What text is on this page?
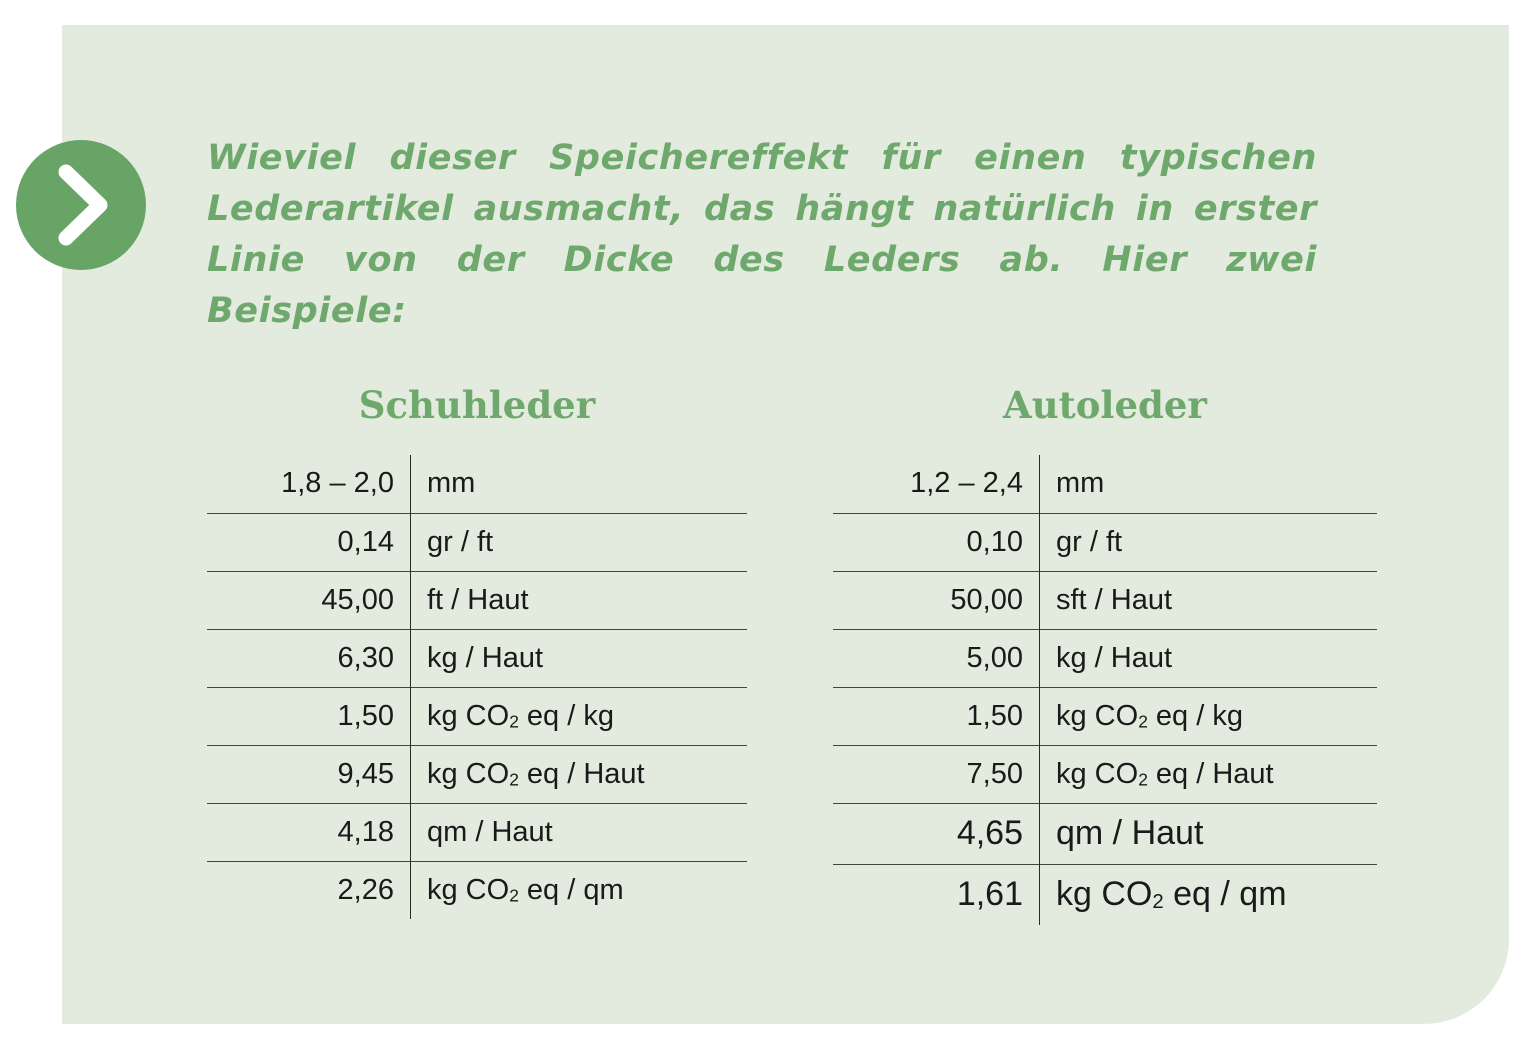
Wieviel dieser Speichereffekt für einen typischen Lederartikel ausmacht, das hängt natürlich in erster Linie von der Dicke des Leders ab. Hier zwei Beispiele:

Schuhleder	Autoleder
1,8 – 2,0	mm
0,14	gr / ft
45,00	ft / Haut
6,30	kg / Haut
1,50	kg $CO_2$ eq / kg
9,45	kg $CO_2$ eq / Haut
4,18	qm / Haut
2,26	kg $CO_2$ eq / qm
1,2 – 2,4	mm
0,10	gr / ft
50,00	sft / Haut
5,00	kg / Haut
1,50	kg $CO_2$ eq / kg
7,50	kg $CO_2$ eq / Haut
4,65	qm / Haut
1,61	kg $CO_2$ eq / qm
